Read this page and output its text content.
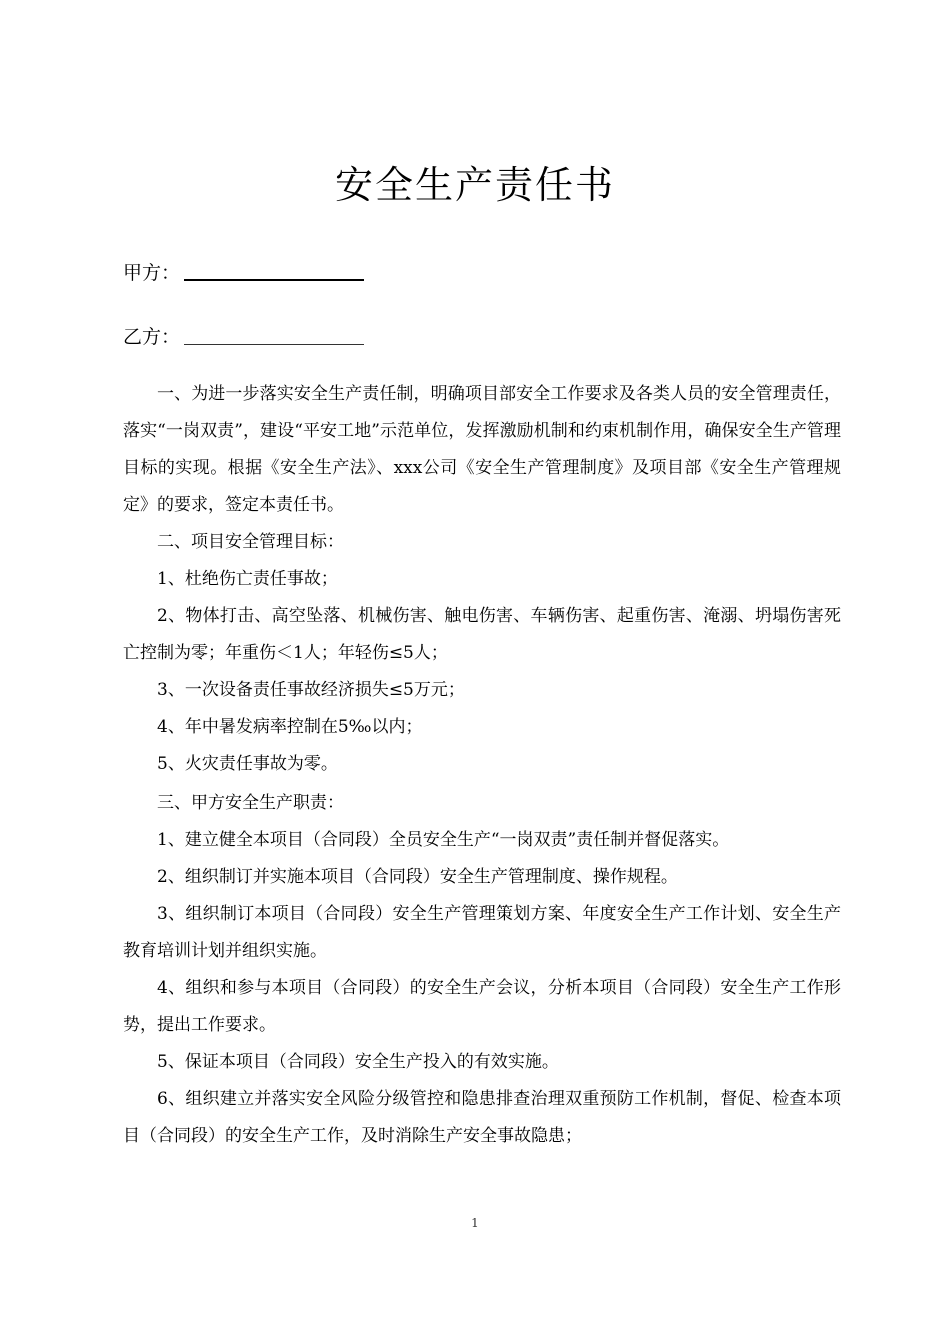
安全生产责任书
甲方：
乙方：

一、为进一步落实安全生产责任制，明确项目部安全工作要求及各类人员的安全管理责任，落实“一岗双责”，建设“平安工地”示范单位，发挥激励机制和约束机制作用，确保安全生产管理目标的实现。根据《安全生产法》、xxx公司《安全生产管理制度》及项目部《安全生产管理规定》的要求，签定本责任书。

二、项目安全管理目标：

1、杜绝伤亡责任事故；

2、物体打击、高空坠落、机械伤害、触电伤害、车辆伤害、起重伤害、淹溺、坍塌伤害死亡控制为零；年重伤＜1人；年轻伤≤5人；

3、一次设备责任事故经济损失≤5万元；

4、年中暑发病率控制在5‰以内；

5、火灾责任事故为零。

三、甲方安全生产职责：

1、建立健全本项目（合同段）全员安全生产“一岗双责”责任制并督促落实。

2、组织制订并实施本项目（合同段）安全生产管理制度、操作规程。

3、组织制订本项目（合同段）安全生产管理策划方案、年度安全生产工作计划、安全生产教育培训计划并组织实施。

4、组织和参与本项目（合同段）的安全生产会议，分析本项目（合同段）安全生产工作形势，提出工作要求。

5、保证本项目（合同段）安全生产投入的有效实施。

6、组织建立并落实安全风险分级管控和隐患排查治理双重预防工作机制，督促、检查本项目（合同段）的安全生产工作，及时消除生产安全事故隐患；

1
